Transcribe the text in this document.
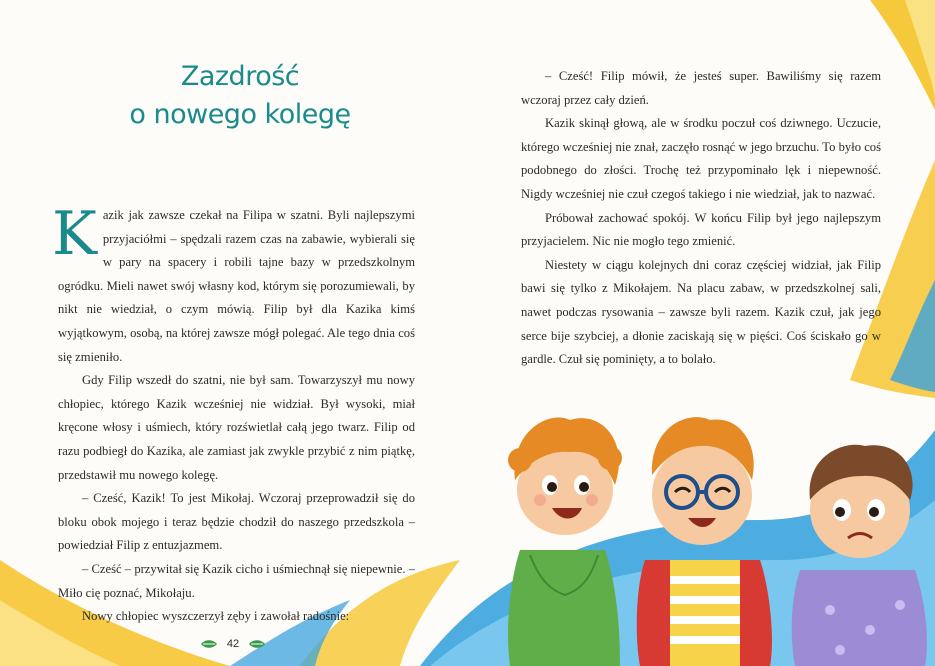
Zazdrość
o nowego kolegę
K azik jak zawsze czekał na Filipa w szatni. Byli najlepszymi przyjaciółmi – spędzali razem czas na zabawie, wybierali się w pary na spacery i robili tajne bazy w przedszkolnym ogródku. Mieli nawet swój własny kod, którym się porozumiewali, by nikt nie wiedział, o czym mówią. Filip był dla Kazika kimś wyjątkowym, osobą, na której zawsze mógł polegać. Ale tego dnia coś się zmieniło.

Gdy Filip wszedł do szatni, nie był sam. Towarzyszył mu nowy chłopiec, którego Kazik wcześniej nie widział. Był wysoki, miał kręcone włosy i uśmiech, który rozświetlał całą jego twarz. Filip od razu podbiegł do Kazika, ale zamiast jak zwykle przybić z nim piątkę, przedstawił mu nowego kolegę.

– Cześć, Kazik! To jest Mikołaj. Wczoraj przeprowadził się do bloku obok mojego i teraz będzie chodził do naszego przedszkola – powiedział Filip z entuzjazmem.

– Cześć – przywitał się Kazik cicho i uśmiechnął się niepewnie. – Miło cię poznać, Mikołaju.

Nowy chłopiec wyszczerzył zęby i zawołał radośnie:

– Cześć! Filip mówił, że jesteś super. Bawiliśmy się razem wczoraj przez cały dzień.

Kazik skinął głową, ale w środku poczuł coś dziwnego. Uczucie, którego wcześniej nie znał, zaczęło rosnąć w jego brzuchu. To było coś podobnego do złości. Trochę też przypominało lęk i niepewność. Nigdy wcześniej nie czuł czegoś takiego i nie wiedział, jak to nazwać.

Próbował zachować spokój. W końcu Filip był jego najlepszym przyjacielem. Nic nie mogło tego zmienić.

Niestety w ciągu kolejnych dni coraz częściej widział, jak Filip bawi się tylko z Mikołajem. Na placu zabaw, w przedszkolnej sali, nawet podczas rysowania – zawsze byli razem. Kazik czuł, jak jego serce bije szybciej, a dłonie zaciskają się w pięści. Coś ściskało go w gardle. Czuł się pominięty, a to bolało.

42
